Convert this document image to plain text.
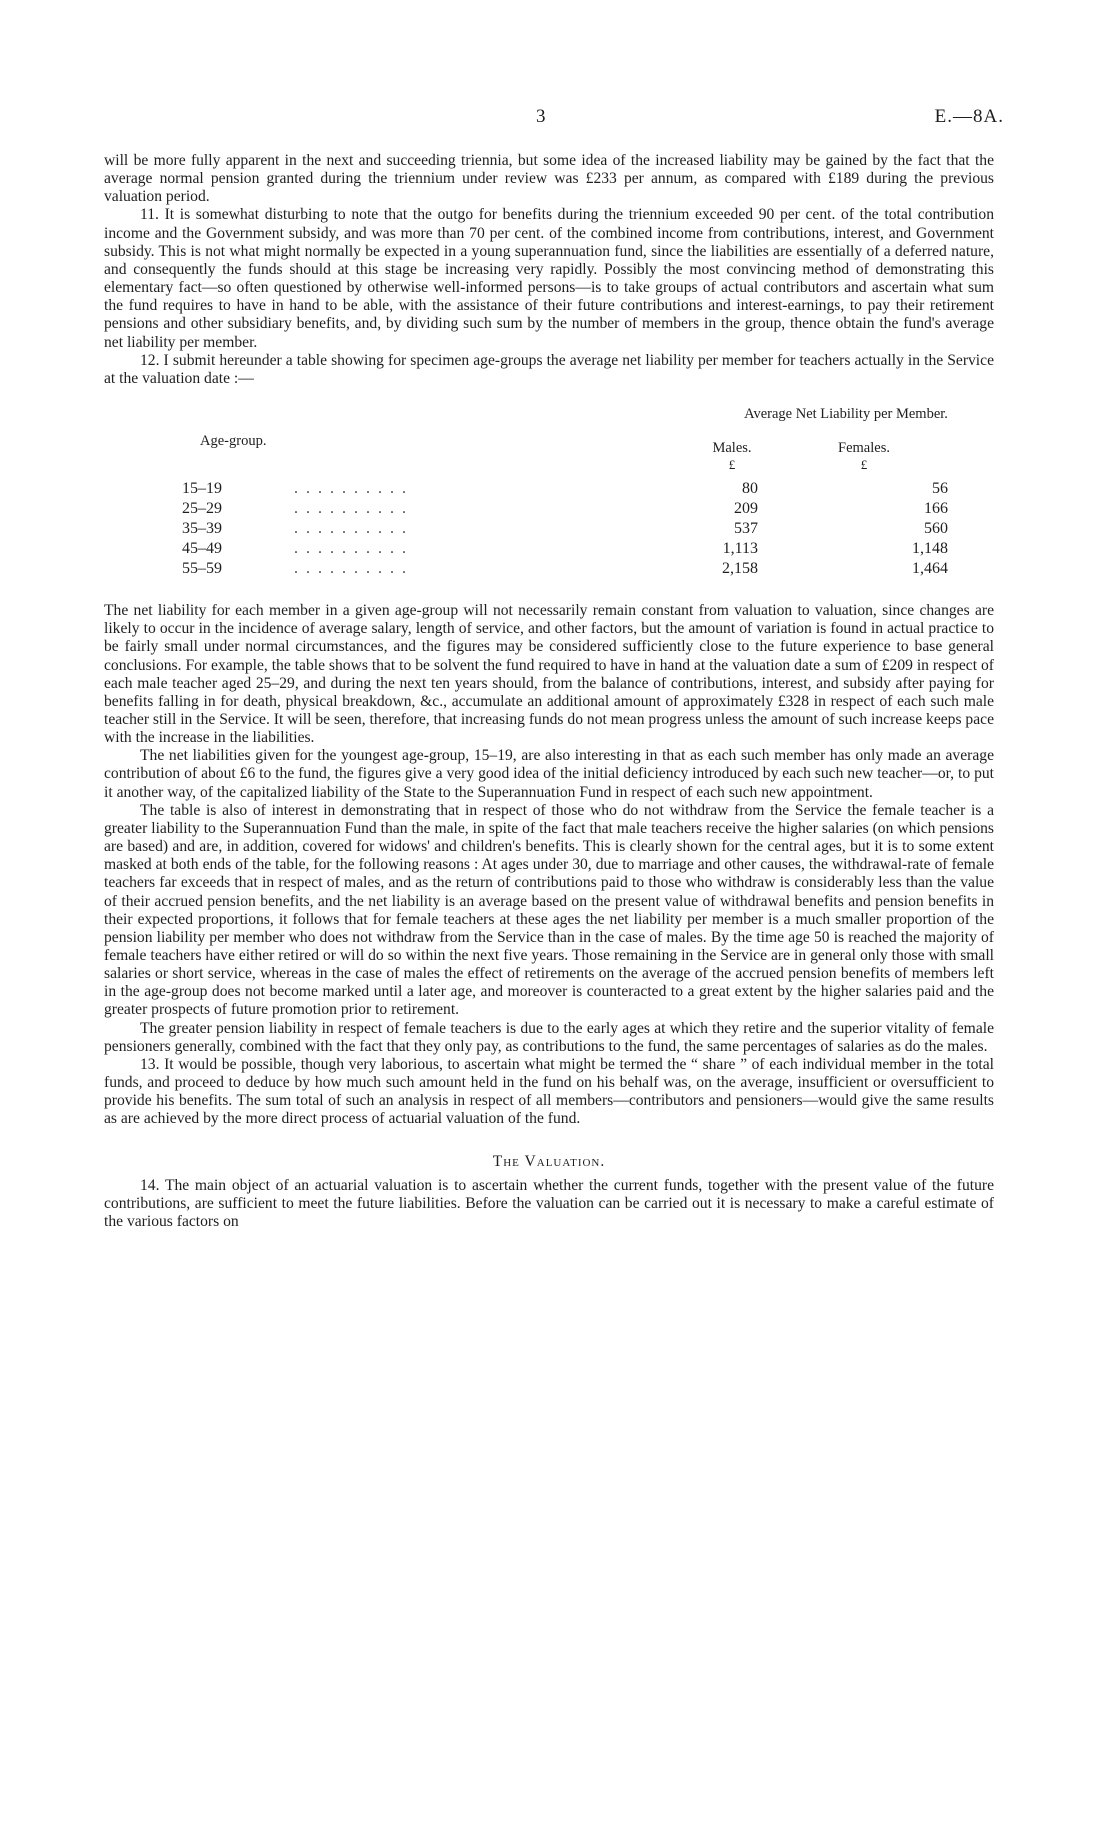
3	E.—8A.

will be more fully apparent in the next and succeeding triennia, but some idea of the increased liability may be gained by the fact that the average normal pension granted during the triennium under review was £233 per annum, as compared with £189 during the previous valuation period.

11. It is somewhat disturbing to note that the outgo for benefits during the triennium exceeded 90 per cent. of the total contribution income and the Government subsidy, and was more than 70 per cent. of the combined income from contributions, interest, and Government subsidy. This is not what might normally be expected in a young superannuation fund, since the liabilities are essentially of a deferred nature, and consequently the funds should at this stage be increasing very rapidly. Possibly the most convincing method of demonstrating this elementary fact—so often questioned by otherwise well-informed persons—is to take groups of actual contributors and ascertain what sum the fund requires to have in hand to be able, with the assistance of their future contributions and interest-earnings, to pay their retirement pensions and other subsidiary benefits, and, by dividing such sum by the number of members in the group, thence obtain the fund's average net liability per member.

12. I submit hereunder a table showing for specimen age-groups the average net liability per member for teachers actually in the Service at the valuation date :—

Average Net Liability per Member.
Age-group.	Males.	Females.
£	£
15–19	. . . . . . . . . .	80	56
25–29	. . . . . . . . . .	209	166
35–39	. . . . . . . . . .	537	560
45–49	. . . . . . . . . .	1,113	1,148
55–59	. . . . . . . . . .	2,158	1,464

The net liability for each member in a given age-group will not necessarily remain constant from valuation to valuation, since changes are likely to occur in the incidence of average salary, length of service, and other factors, but the amount of variation is found in actual practice to be fairly small under normal circumstances, and the figures may be considered sufficiently close to the future experience to base general conclusions. For example, the table shows that to be solvent the fund required to have in hand at the valuation date a sum of £209 in respect of each male teacher aged 25–29, and during the next ten years should, from the balance of contributions, interest, and subsidy after paying for benefits falling in for death, physical breakdown, &c., accumulate an additional amount of approximately £328 in respect of each such male teacher still in the Service. It will be seen, therefore, that increasing funds do not mean progress unless the amount of such increase keeps pace with the increase in the liabilities.

The net liabilities given for the youngest age-group, 15–19, are also interesting in that as each such member has only made an average contribution of about £6 to the fund, the figures give a very good idea of the initial deficiency introduced by each such new teacher—or, to put it another way, of the capitalized liability of the State to the Superannuation Fund in respect of each such new appointment.

The table is also of interest in demonstrating that in respect of those who do not withdraw from the Service the female teacher is a greater liability to the Superannuation Fund than the male, in spite of the fact that male teachers receive the higher salaries (on which pensions are based) and are, in addition, covered for widows' and children's benefits. This is clearly shown for the central ages, but it is to some extent masked at both ends of the table, for the following reasons : At ages under 30, due to marriage and other causes, the withdrawal-rate of female teachers far exceeds that in respect of males, and as the return of contributions paid to those who withdraw is considerably less than the value of their accrued pension benefits, and the net liability is an average based on the present value of withdrawal benefits and pension benefits in their expected proportions, it follows that for female teachers at these ages the net liability per member is a much smaller proportion of the pension liability per member who does not withdraw from the Service than in the case of males. By the time age 50 is reached the majority of female teachers have either retired or will do so within the next five years. Those remaining in the Service are in general only those with small salaries or short service, whereas in the case of males the effect of retirements on the average of the accrued pension benefits of members left in the age-group does not become marked until a later age, and moreover is counteracted to a great extent by the higher salaries paid and the greater prospects of future promotion prior to retirement.

The greater pension liability in respect of female teachers is due to the early ages at which they retire and the superior vitality of female pensioners generally, combined with the fact that they only pay, as contributions to the fund, the same percentages of salaries as do the males.

13. It would be possible, though very laborious, to ascertain what might be termed the “ share ” of each individual member in the total funds, and proceed to deduce by how much such amount held in the fund on his behalf was, on the average, insufficient or oversufficient to provide his benefits. The sum total of such an analysis in respect of all members—contributors and pensioners—would give the same results as are achieved by the more direct process of actuarial valuation of the fund.

The Valuation.

14. The main object of an actuarial valuation is to ascertain whether the current funds, together with the present value of the future contributions, are sufficient to meet the future liabilities. Before the valuation can be carried out it is necessary to make a careful estimate of the various factors on
